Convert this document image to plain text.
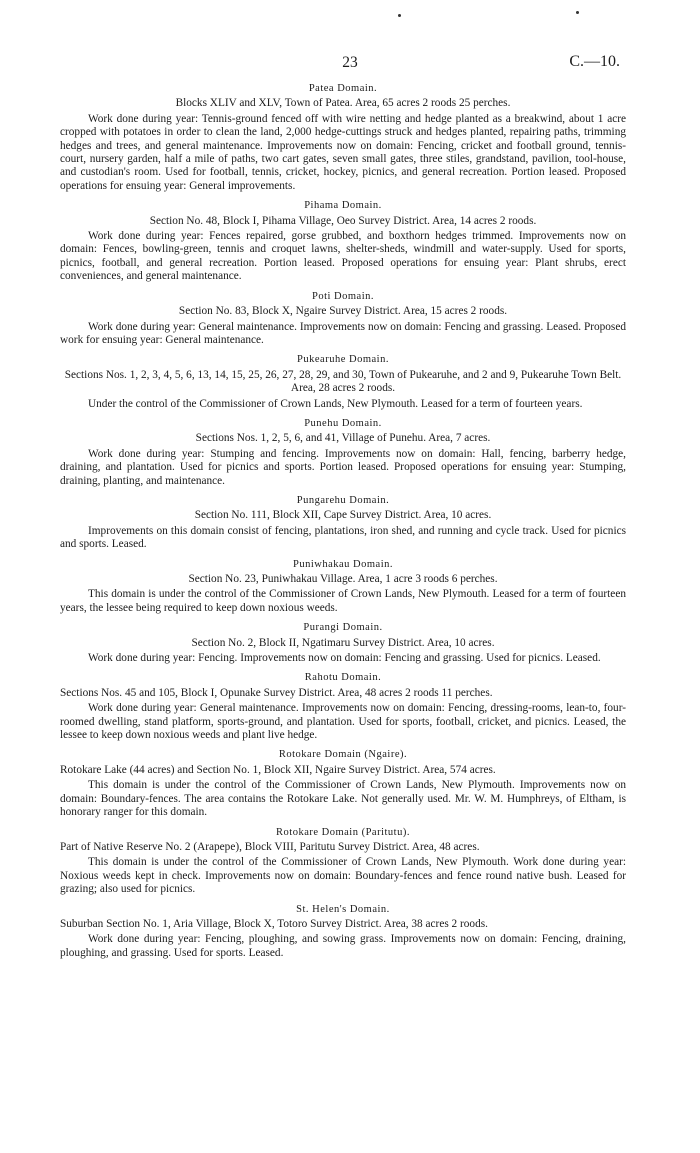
23	C.—10.
Patea Domain.
Blocks XLIV and XLV, Town of Patea. Area, 65 acres 2 roods 25 perches.
Work done during year: Tennis-ground fenced off with wire netting and hedge planted as a breakwind, about 1 acre cropped with potatoes in order to clean the land, 2,000 hedge-cuttings struck and hedges planted, repairing paths, trimming hedges and trees, and general maintenance. Improvements now on domain: Fencing, cricket and football ground, tennis-court, nursery garden, half a mile of paths, two cart gates, seven small gates, three stiles, grandstand, pavilion, tool-house, and custodian's room. Used for football, tennis, cricket, hockey, picnics, and general recreation. Portion leased. Proposed operations for ensuing year: General improvements.
Pihama Domain.
Section No. 48, Block I, Pihama Village, Oeo Survey District. Area, 14 acres 2 roods.
Work done during year: Fences repaired, gorse grubbed, and boxthorn hedges trimmed. Improvements now on domain: Fences, bowling-green, tennis and croquet lawns, shelter-sheds, windmill and water-supply. Used for sports, picnics, football, and general recreation. Portion leased. Proposed operations for ensuing year: Plant shrubs, erect conveniences, and general maintenance.
Poti Domain.
Section No. 83, Block X, Ngaire Survey District. Area, 15 acres 2 roods.
Work done during year: General maintenance. Improvements now on domain: Fencing and grassing. Leased. Proposed work for ensuing year: General maintenance.
Pukearuhe Domain.
Sections Nos. 1, 2, 3, 4, 5, 6, 13, 14, 15, 25, 26, 27, 28, 29, and 30, Town of Pukearuhe, and 2 and 9, Pukearuhe Town Belt. Area, 28 acres 2 roods.
Under the control of the Commissioner of Crown Lands, New Plymouth. Leased for a term of fourteen years.
Punehu Domain.
Sections Nos. 1, 2, 5, 6, and 41, Village of Punehu. Area, 7 acres.
Work done during year: Stumping and fencing. Improvements now on domain: Hall, fencing, barberry hedge, draining, and plantation. Used for picnics and sports. Portion leased. Proposed operations for ensuing year: Stumping, draining, planting, and maintenance.
Pungarehu Domain.
Section No. 111, Block XII, Cape Survey District. Area, 10 acres.
Improvements on this domain consist of fencing, plantations, iron shed, and running and cycle track. Used for picnics and sports. Leased.
Puniwhakau Domain.
Section No. 23, Puniwhakau Village. Area, 1 acre 3 roods 6 perches.
This domain is under the control of the Commissioner of Crown Lands, New Plymouth. Leased for a term of fourteen years, the lessee being required to keep down noxious weeds.
Purangi Domain.
Section No. 2, Block II, Ngatimaru Survey District. Area, 10 acres.
Work done during year: Fencing. Improvements now on domain: Fencing and grassing. Used for picnics. Leased.
Rahotu Domain.
Sections Nos. 45 and 105, Block I, Opunake Survey District. Area, 48 acres 2 roods 11 perches.
Work done during year: General maintenance. Improvements now on domain: Fencing, dressing-rooms, lean-to, four-roomed dwelling, stand platform, sports-ground, and plantation. Used for sports, football, cricket, and picnics. Leased, the lessee to keep down noxious weeds and plant live hedge.
Rotokare Domain (Ngaire).
Rotokare Lake (44 acres) and Section No. 1, Block XII, Ngaire Survey District. Area, 574 acres.
This domain is under the control of the Commissioner of Crown Lands, New Plymouth. Improvements now on domain: Boundary-fences. The area contains the Rotokare Lake. Not generally used. Mr. W. M. Humphreys, of Eltham, is honorary ranger for this domain.
Rotokare Domain (Paritutu).
Part of Native Reserve No. 2 (Arapepe), Block VIII, Paritutu Survey District. Area, 48 acres.
This domain is under the control of the Commissioner of Crown Lands, New Plymouth. Work done during year: Noxious weeds kept in check. Improvements now on domain: Boundary-fences and fence round native bush. Leased for grazing; also used for picnics.
St. Helen's Domain.
Suburban Section No. 1, Aria Village, Block X, Totoro Survey District. Area, 38 acres 2 roods.
Work done during year: Fencing, ploughing, and sowing grass. Improvements now on domain: Fencing, draining, ploughing, and grassing. Used for sports. Leased.
